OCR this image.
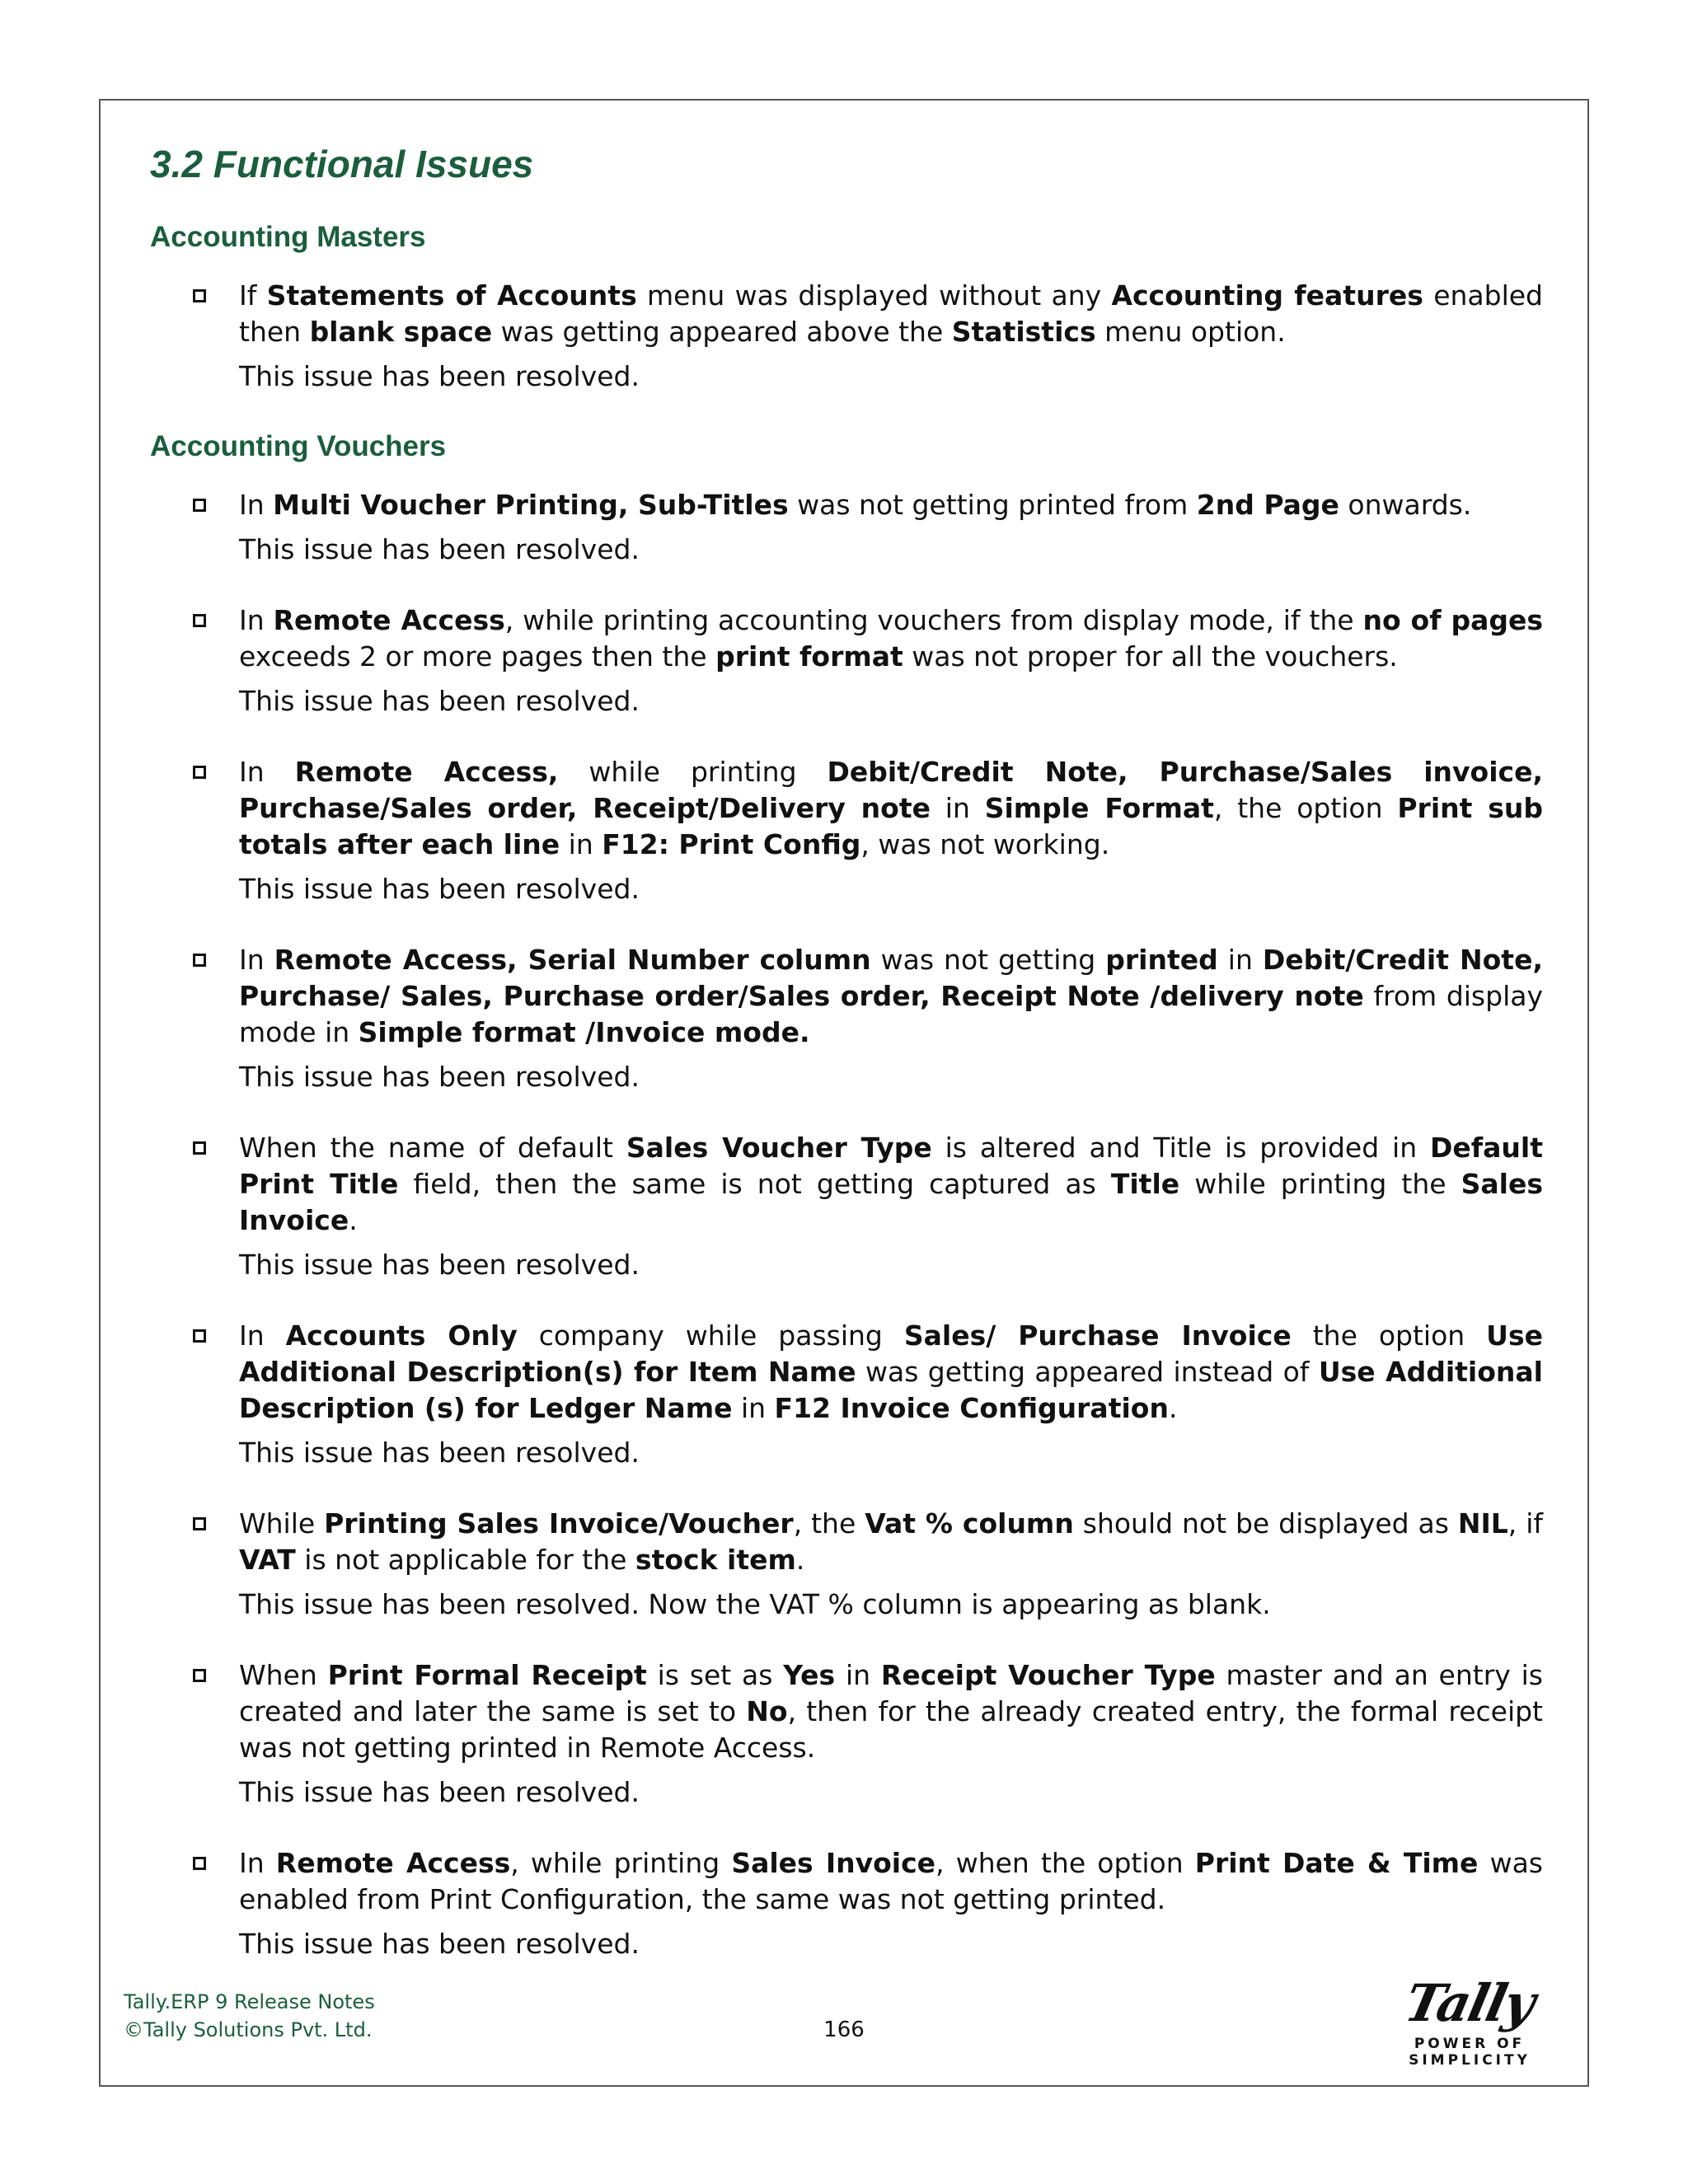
3.2 Functional Issues
Accounting Masters

If Statements of Accounts menu was displayed without any Accounting features enabled then blank space was getting appeared above the Statistics menu option.

This issue has been resolved.

Accounting Vouchers

In Multi Voucher Printing, Sub-Titles was not getting printed from 2nd Page onwards.

This issue has been resolved.

In Remote Access, while printing accounting vouchers from display mode, if the no of pages exceeds 2 or more pages then the print format was not proper for all the vouchers.

This issue has been resolved.

In Remote Access, while printing Debit/Credit Note, Purchase/Sales invoice, Purchase/Sales order, Receipt/Delivery note in Simple Format, the option Print sub totals after each line in F12: Print Config, was not working.

This issue has been resolved.

In Remote Access, Serial Number column was not getting printed in Debit/Credit Note, Purchase/ Sales, Purchase order/Sales order, Receipt Note /delivery note from display mode in Simple format /Invoice mode.

This issue has been resolved.

When the name of default Sales Voucher Type is altered and Title is provided in Default Print Title field, then the same is not getting captured as Title while printing the Sales Invoice.

This issue has been resolved.

In Accounts Only company while passing Sales/ Purchase Invoice the option Use Additional Description(s) for Item Name was getting appeared instead of Use Additional Description (s) for Ledger Name in F12 Invoice Configuration.

This issue has been resolved.

While Printing Sales Invoice/Voucher, the Vat % column should not be displayed as NIL, if VAT is not applicable for the stock item.

This issue has been resolved. Now the VAT % column is appearing as blank.

When Print Formal Receipt is set as Yes in Receipt Voucher Type master and an entry is created and later the same is set to No, then for the already created entry, the formal receipt was not getting printed in Remote Access.

This issue has been resolved.

In Remote Access, while printing Sales Invoice, when the option Print Date & Time was enabled from Print Configuration, the same was not getting printed.

This issue has been resolved.

Tally.ERP 9 Release Notes
©Tally Solutions Pvt. Ltd.	166	Tally
POWER OF SIMPLICITY
